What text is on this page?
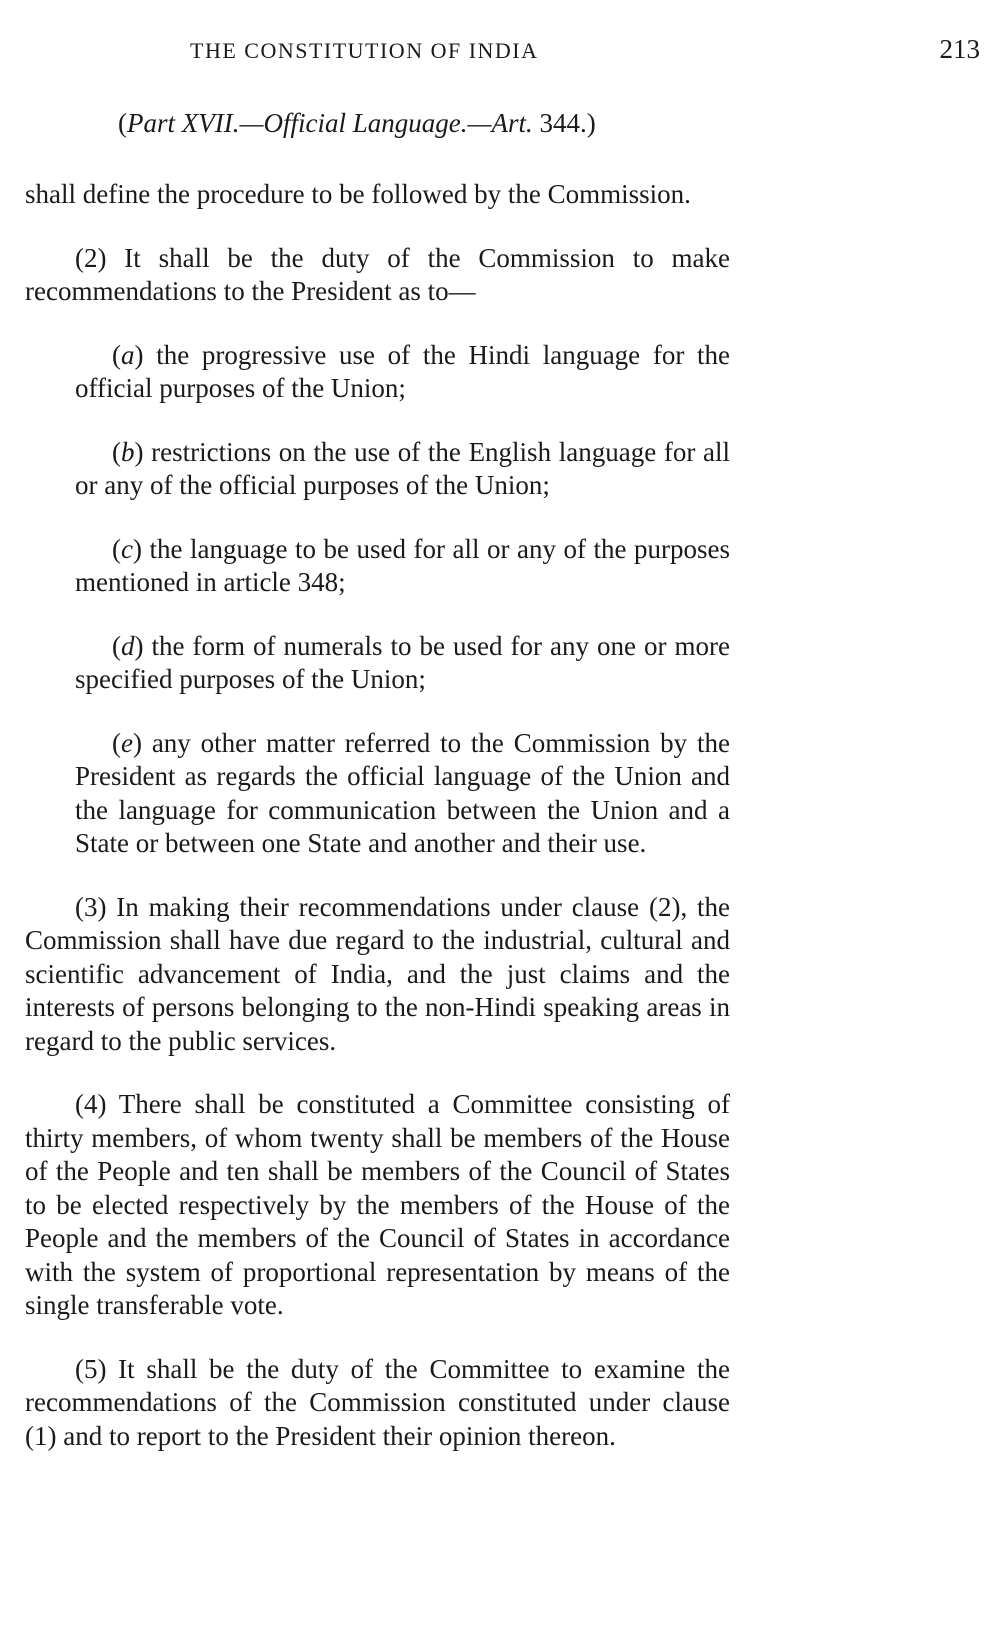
THE CONSTITUTION OF INDIA	213
(Part XVII.—Official Language.—Art. 344.)

shall define the procedure to be followed by the Commission.

(2) It shall be the duty of the Commission to make recommendations to the President as to—

(a) the progressive use of the Hindi language for the official purposes of the Union;

(b) restrictions on the use of the English language for all or any of the official purposes of the Union;

(c) the language to be used for all or any of the purposes mentioned in article 348;

(d) the form of numerals to be used for any one or more specified purposes of the Union;

(e) any other matter referred to the Commission by the President as regards the official language of the Union and the language for communication between the Union and a State or between one State and another and their use.

(3) In making their recommendations under clause (2), the Commission shall have due regard to the industrial, cultural and scientific advancement of India, and the just claims and the interests of persons belonging to the non-Hindi speaking areas in regard to the public services.

(4) There shall be constituted a Committee consisting of thirty members, of whom twenty shall be members of the House of the People and ten shall be members of the Council of States to be elected respectively by the members of the House of the People and the members of the Council of States in accordance with the system of proportional representation by means of the single transferable vote.

(5) It shall be the duty of the Committee to examine the recommendations of the Commission constituted under clause (1) and to report to the President their opinion thereon.
